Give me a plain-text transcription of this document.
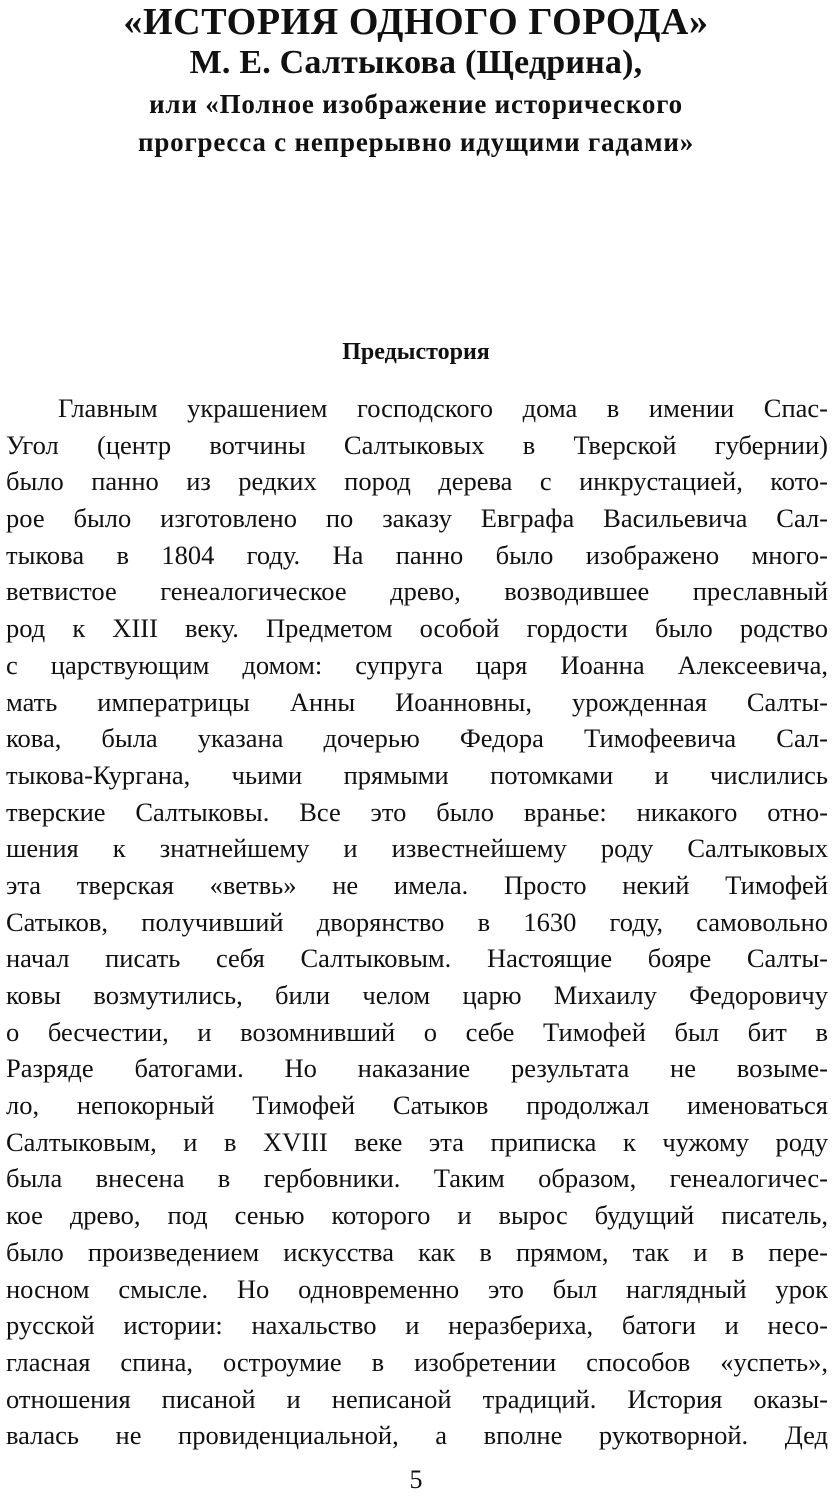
«ИСТОРИЯ ОДНОГО ГОРОДА»
М. Е. Салтыкова (Щедрина),
или «Полное изображение исторического
прогресса с непрерывно идущими гадами»
Предыстория
Главным украшением господского дома в имении Спас-
Угол (центр вотчины Салтыковых в Тверской губернии)
было панно из редких пород дерева с инкрустацией, кото-
рое было изготовлено по заказу Евграфа Васильевича Сал-
тыкова в 1804 году. На панно было изображено много-
ветвистое генеалогическое древо, возводившее преславный
род к XIII веку. Предметом особой гордости было родство
с царствующим домом: супруга царя Иоанна Алексеевича,
мать императрицы Анны Иоанновны, урожденная Салты-
кова, была указана дочерью Федора Тимофеевича Сал-
тыкова-Кургана, чьими прямыми потомками и числились
тверские Салтыковы. Все это было вранье: никакого отно-
шения к знатнейшему и известнейшему роду Салтыковых
эта тверская «ветвь» не имела. Просто некий Тимофей
Сатыков, получивший дворянство в 1630 году, самовольно
начал писать себя Салтыковым. Настоящие бояре Салты-
ковы возмутились, били челом царю Михаилу Федоровичу
о бесчестии, и возомнивший о себе Тимофей был бит в
Разряде батогами. Но наказание результата не возыме-
ло, непокорный Тимофей Сатыков продолжал именоваться
Салтыковым, и в XVIII веке эта приписка к чужому роду
была внесена в гербовники. Таким образом, генеалогичес-
кое древо, под сенью которого и вырос будущий писатель,
было произведением искусства как в прямом, так и в пере-
носном смысле. Но одновременно это был наглядный урок
русской истории: нахальство и неразбериха, батоги и несо-
гласная спина, остроумие в изобретении способов «успеть»,
отношения писаной и неписаной традиций. История оказы-
валась не провиденциальной, а вполне рукотворной. Дед
5
